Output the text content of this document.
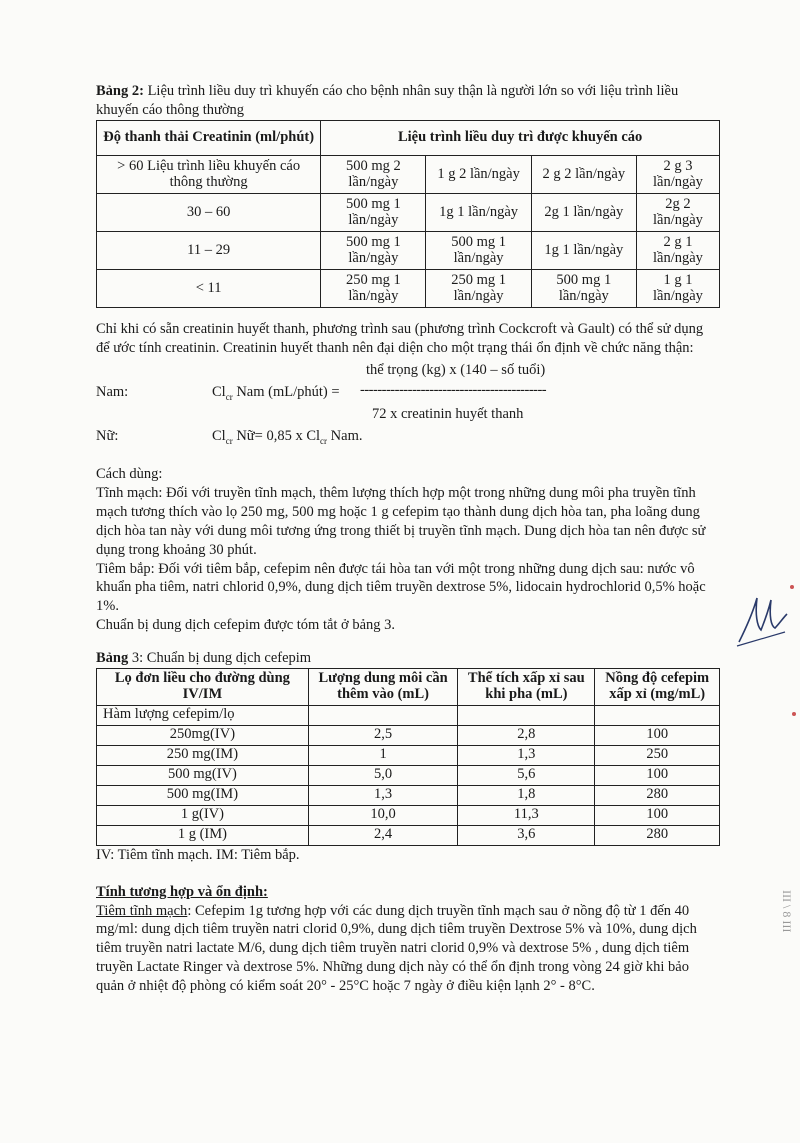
Bảng 2: Liệu trình liều duy trì khuyến cáo cho bệnh nhân suy thận là người lớn so với liệu trình liều khuyến cáo thông thường

Độ thanh thải Creatinin (ml/phút)	Liệu trình liều duy trì được khuyến cáo			
> 60 Liệu trình liều khuyến cáo thông thường	500 mg 2 lần/ngày	1 g 2 lần/ngày	2 g 2 lần/ngày	2 g 3 lần/ngày
30 – 60	500 mg 1 lần/ngày	1g 1 lần/ngày	2g 1 lần/ngày	2g 2 lần/ngày
11 – 29	500 mg 1 lần/ngày	500 mg 1 lần/ngày	1g 1 lần/ngày	2 g 1 lần/ngày
< 11	250 mg 1 lần/ngày	250 mg 1 lần/ngày	500 mg 1 lần/ngày	1 g 1 lần/ngày

Chỉ khi có sẵn creatinin huyết thanh, phương trình sau (phương trình Cockcroft và Gault) có thể sử dụng để ước tính creatinin. Creatinin huyết thanh nên đại diện cho một trạng thái ổn định về chức năng thận:

thể trọng (kg) x (140 – số tuổi)
Nam:	$Cl_{cr}$ Nam (mL/phút) = -------------------------------------------
72 x creatinin huyết thanh
Nữ:	$Cl_{cr}$ Nữ= 0,85 x $Cl_{cr}$ Nam.

Cách dùng:

Tĩnh mạch: Đối với truyền tĩnh mạch, thêm lượng thích hợp một trong những dung môi pha truyền tĩnh mạch tương thích vào lọ 250 mg, 500 mg hoặc 1 g cefepim tạo thành dung dịch hòa tan, pha loãng dung dịch hòa tan này với dung môi tương ứng trong thiết bị truyền tĩnh mạch. Dung dịch hòa tan nên được sử dụng trong khoảng 30 phút.

Tiêm bắp: Đối với tiêm bắp, cefepim nên được tái hòa tan với một trong những dung dịch sau: nước vô khuẩn pha tiêm, natri chlorid 0,9%, dung dịch tiêm truyền dextrose 5%, lidocain hydrochlorid 0,5% hoặc 1%.

Chuẩn bị dung dịch cefepim được tóm tắt ở bảng 3.

Bảng 3: Chuẩn bị dung dịch cefepim

Lọ đơn liều cho đường dùng IV/IM	Lượng dung môi cần thêm vào (mL)	Thể tích xấp xỉ sau khi pha (mL)	Nồng độ cefepim xấp xỉ (mg/mL)
Hàm lượng cefepim/lọ			
250mg(IV)	2,5	2,8	100
250 mg(IM)	1	1,3	250
500 mg(IV)	5,0	5,6	100
500 mg(IM)	1,3	1,8	280
1 g(IV)	10,0	11,3	100
1 g (IM)	2,4	3,6	280

IV: Tiêm tĩnh mạch. IM: Tiêm bắp.

Tính tương hợp và ổn định:

Tiêm tĩnh mạch: Cefepim 1g tương hợp với các dung dịch truyền tĩnh mạch sau ở nồng độ từ 1 đến 40 mg/ml: dung dịch tiêm truyền natri clorid 0,9%, dung dịch tiêm truyền Dextrose 5% và 10%, dung dịch tiêm truyền natri lactate M/6, dung dịch tiêm truyền natri clorid 0,9% và dextrose 5% , dung dịch tiêm truyền Lactate Ringer và dextrose 5%. Những dung dịch này có thể ổn định trong vòng 24 giờ khi bảo quản ở nhiệt độ phòng có kiểm soát 20° - 25°C hoặc 7 ngày ở điều kiện lạnh 2° - 8°C.

III \ 8 III
